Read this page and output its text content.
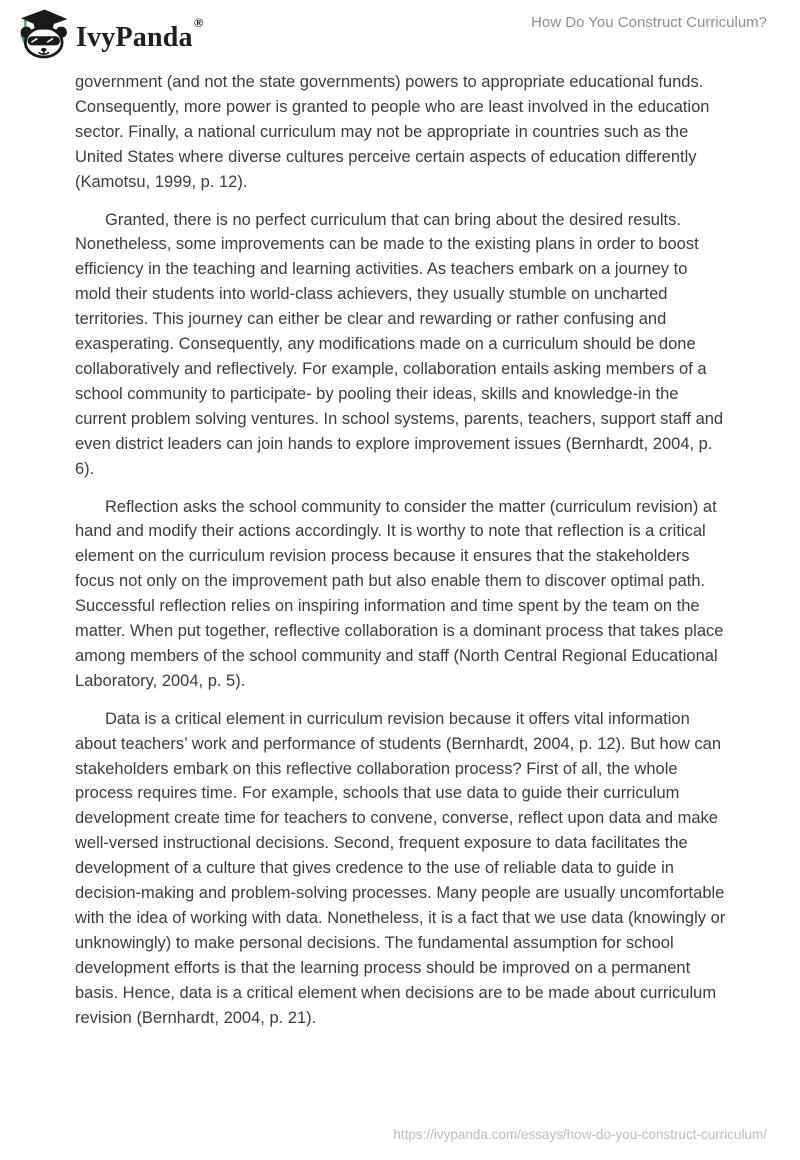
IvyPanda®	How Do You Construct Curriculum?

government (and not the state governments) powers to appropriate educational funds. Consequently, more power is granted to people who are least involved in the education sector. Finally, a national curriculum may not be appropriate in countries such as the United States where diverse cultures perceive certain aspects of education differently (Kamotsu, 1999, p. 12).

Granted, there is no perfect curriculum that can bring about the desired results. Nonetheless, some improvements can be made to the existing plans in order to boost efficiency in the teaching and learning activities. As teachers embark on a journey to mold their students into world-class achievers, they usually stumble on uncharted territories. This journey can either be clear and rewarding or rather confusing and exasperating. Consequently, any modifications made on a curriculum should be done collaboratively and reflectively. For example, collaboration entails asking members of a school community to participate- by pooling their ideas, skills and knowledge-in the current problem solving ventures. In school systems, parents, teachers, support staff and even district leaders can join hands to explore improvement issues (Bernhardt, 2004, p. 6).

Reflection asks the school community to consider the matter (curriculum revision) at hand and modify their actions accordingly. It is worthy to note that reflection is a critical element on the curriculum revision process because it ensures that the stakeholders focus not only on the improvement path but also enable them to discover optimal path. Successful reflection relies on inspiring information and time spent by the team on the matter. When put together, reflective collaboration is a dominant process that takes place among members of the school community and staff (North Central Regional Educational Laboratory, 2004, p. 5).

Data is a critical element in curriculum revision because it offers vital information about teachers’ work and performance of students (Bernhardt, 2004, p. 12). But how can stakeholders embark on this reflective collaboration process? First of all, the whole process requires time. For example, schools that use data to guide their curriculum development create time for teachers to convene, converse, reflect upon data and make well-versed instructional decisions. Second, frequent exposure to data facilitates the development of a culture that gives credence to the use of reliable data to guide in decision-making and problem-solving processes. Many people are usually uncomfortable with the idea of working with data. Nonetheless, it is a fact that we use data (knowingly or unknowingly) to make personal decisions. The fundamental assumption for school development efforts is that the learning process should be improved on a permanent basis. Hence, data is a critical element when decisions are to be made about curriculum revision (Bernhardt, 2004, p. 21).

https://ivypanda.com/essays/how-do-you-construct-curriculum/
